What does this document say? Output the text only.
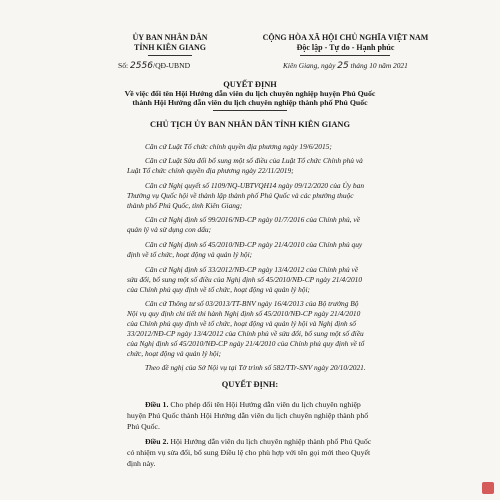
ỦY BAN NHÂN DÂN
TỈNH KIÊN GIANG
Số: 2556/QĐ-UBND
CỘNG HÒA XÃ HỘI CHỦ NGHĨA VIỆT NAM
Độc lập - Tự do - Hạnh phúc
Kiên Giang, ngày 25 tháng 10 năm 2021
QUYẾT ĐỊNH
Về việc đổi tên Hội Hướng dẫn viên du lịch chuyên nghiệp huyện Phú Quốc
thành Hội Hướng dẫn viên du lịch chuyên nghiệp thành phố Phú Quốc
CHỦ TỊCH ỦY BAN NHÂN DÂN TỈNH KIÊN GIANG
Căn cứ Luật Tổ chức chính quyền địa phương ngày 19/6/2015;
Căn cứ Luật Sửa đổi bổ sung một số điều của Luật Tổ chức Chính phủ và
Luật Tổ chức chính quyền địa phương ngày 22/11/2019;
Căn cứ Nghị quyết số 1109/NQ-UBTVQH14 ngày 09/12/2020 của Ủy ban
Thường vụ Quốc hội về thành lập thành phố Phú Quốc và các phường thuộc
thành phố Phú Quốc, tỉnh Kiên Giang;
Căn cứ Nghị định số 99/2016/NĐ-CP ngày 01/7/2016 của Chính phủ, về
quản lý và sử dụng con dấu;
Căn cứ Nghị định số 45/2010/NĐ-CP ngày 21/4/2010 của Chính phủ quy
định về tổ chức, hoạt động và quản lý hội;
Căn cứ Nghị định số 33/2012/NĐ-CP ngày 13/4/2012 của Chính phủ về
sửa đổi, bổ sung một số điều của Nghị định số 45/2010/NĐ-CP ngày 21/4/2010
của Chính phủ quy định về tổ chức, hoạt động và quản lý hội;
Căn cứ Thông tư số 03/2013/TT-BNV ngày 16/4/2013 của Bộ trưởng Bộ
Nội vụ quy định chi tiết thi hành Nghị định số 45/2010/NĐ-CP ngày 21/4/2010
của Chính phủ quy định về tổ chức, hoạt động và quản lý hội và Nghị định số
33/2012/NĐ-CP ngày 13/4/2012 của Chính phủ về sửa đổi, bổ sung một số điều
của Nghị định số 45/2010/NĐ-CP ngày 21/4/2010 của Chính phủ quy định về tổ
chức, hoạt động và quản lý hội;
Theo đề nghị của Sở Nội vụ tại Tờ trình số 582/TTr-SNV ngày 20/10/2021.
QUYẾT ĐỊNH:
Điều 1. Cho phép đổi tên Hội Hướng dẫn viên du lịch chuyên nghiệp
huyện Phú Quốc thành Hội Hướng dẫn viên du lịch chuyên nghiệp thành phố
Phú Quốc.
Điều 2. Hội Hướng dẫn viên du lịch chuyên nghiệp thành phố Phú Quốc
có nhiệm vụ sửa đổi, bổ sung Điều lệ cho phù hợp với tên gọi mới theo Quyết
định này.
